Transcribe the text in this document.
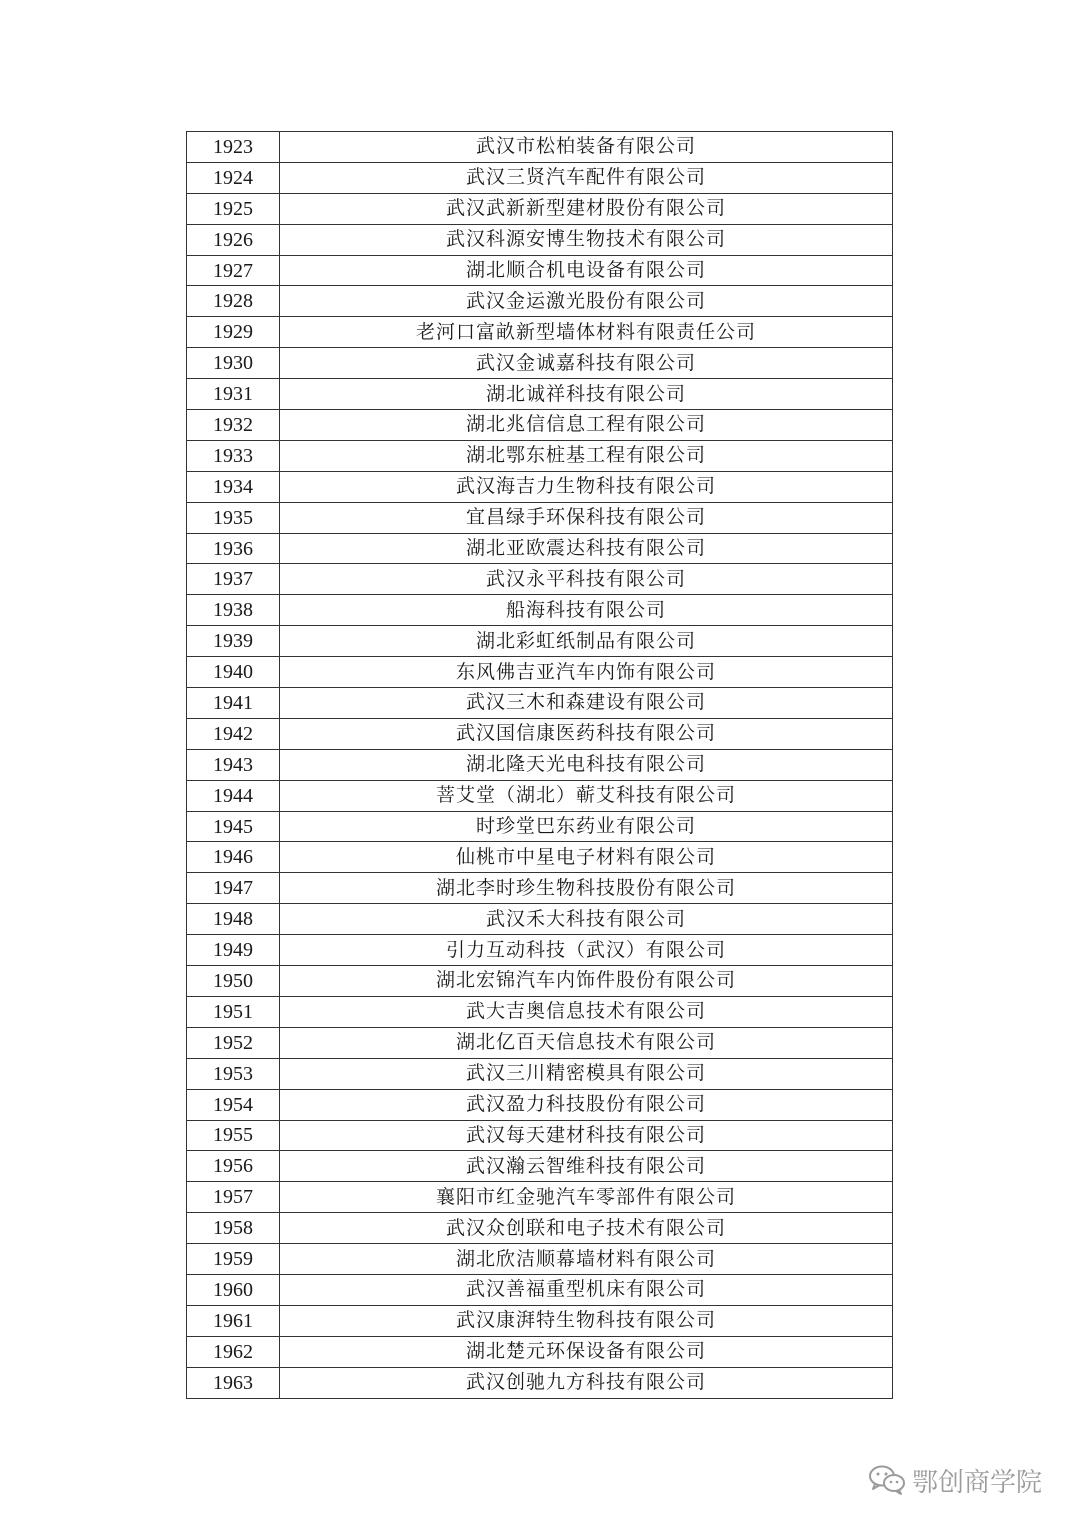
1923	武汉市松柏装备有限公司
1924	武汉三贤汽车配件有限公司
1925	武汉武新新型建材股份有限公司
1926	武汉科源安博生物技术有限公司
1927	湖北顺合机电设备有限公司
1928	武汉金运激光股份有限公司
1929	老河口富畝新型墙体材料有限责任公司
1930	武汉金诚嘉科技有限公司
1931	湖北诚祥科技有限公司
1932	湖北兆信信息工程有限公司
1933	湖北鄂东桩基工程有限公司
1934	武汉海吉力生物科技有限公司
1935	宜昌绿手环保科技有限公司
1936	湖北亚欧震达科技有限公司
1937	武汉永平科技有限公司
1938	船海科技有限公司
1939	湖北彩虹纸制品有限公司
1940	东风佛吉亚汽车内饰有限公司
1941	武汉三木和森建设有限公司
1942	武汉国信康医药科技有限公司
1943	湖北隆天光电科技有限公司
1944	菩艾堂（湖北）蕲艾科技有限公司
1945	时珍堂巴东药业有限公司
1946	仙桃市中星电子材料有限公司
1947	湖北李时珍生物科技股份有限公司
1948	武汉禾大科技有限公司
1949	引力互动科技（武汉）有限公司
1950	湖北宏锦汽车内饰件股份有限公司
1951	武大吉奥信息技术有限公司
1952	湖北亿百天信息技术有限公司
1953	武汉三川精密模具有限公司
1954	武汉盈力科技股份有限公司
1955	武汉每天建材科技有限公司
1956	武汉瀚云智维科技有限公司
1957	襄阳市红金驰汽车零部件有限公司
1958	武汉众创联和电子技术有限公司
1959	湖北欣洁顺幕墙材料有限公司
1960	武汉善福重型机床有限公司
1961	武汉康湃特生物科技有限公司
1962	湖北楚元环保设备有限公司
1963	武汉创驰九方科技有限公司
鄂创商学院
